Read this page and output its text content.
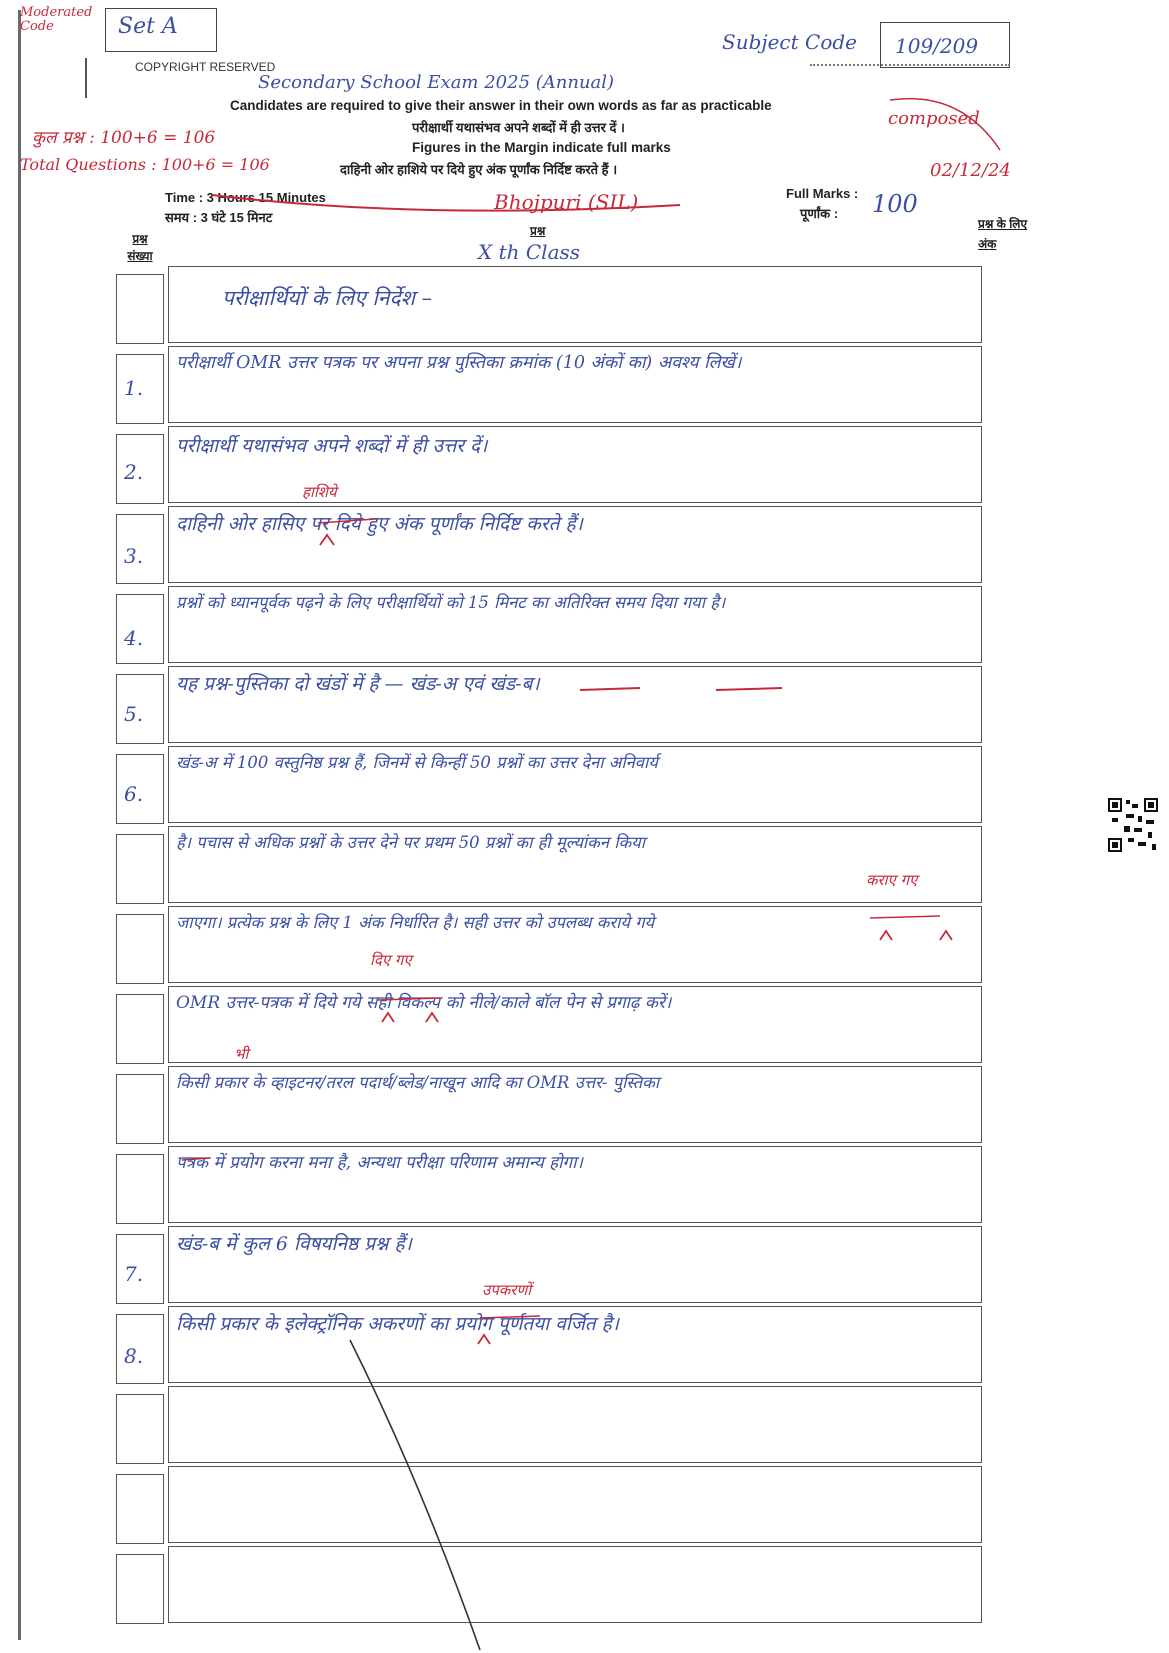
Moderated Code	Set A
COPYRIGHT RESERVED
Subject Code 109/209
Secondary School Exam 2025 (Annual)
Candidates are required to give their answer in their own words as far as practicable
परीक्षार्थी यथासंभव अपने शब्दों में ही उत्तर दें ।
Figures in the Margin indicate full marks
दाहिनी ओर हाशिये पर दिये हुए अंक पूर्णांक निर्दिष्ट करते हैं ।
कुल प्रश्न : 100+6 = 106
Total Questions : 100+6 = 106
composed
02/12/24
Time : 3 Hours 15 Minutes
समय : 3 घंटे 15 मिनट
Bhojpuri (SIL)	Full Marks :
पूर्णांक : 100
प्रश्न
X th Class
प्रश्न संख्या
प्रश्न के लिए अंक
परीक्षार्थियों के लिए निर्देश –
1.
परीक्षार्थी OMR उत्तर पत्रक पर अपना प्रश्न पुस्तिका क्रमांक (10 अंकों का) अवश्य लिखें।
2.
परीक्षार्थी यथासंभव अपने शब्दों में ही उत्तर दें।
3.
दाहिनी ओर हासिए पर दिये हुए अंक पूर्णांक निर्दिष्ट करते हैं।
हाशिये
4.
प्रश्नों को ध्यानपूर्वक पढ़ने के लिए परीक्षार्थियों को 15 मिनट का अतिरिक्त समय दिया गया है।
5.
यह प्रश्न-पुस्तिका दो खंडों में है — खंड-अ एवं खंड-ब।
6.
खंड-अ में 100 वस्तुनिष्ठ प्रश्न हैं, जिनमें से किन्हीं 50 प्रश्नों का उत्तर देना अनिवार्य
है। पचास से अधिक प्रश्नों के उत्तर देने पर प्रथम 50 प्रश्नों का ही मूल्यांकन किया
जाएगा। प्रत्येक प्रश्न के लिए 1 अंक निर्धारित है। सही उत्तर को उपलब्ध कराये गये
कराए गए
OMR उत्तर-पत्रक में दिये गये सही विकल्प को नीले/काले बॉल पेन से प्रगाढ़ करें।
दिए गए
किसी प्रकार के व्हाइटनर/तरल पदार्थ/ब्लेड/नाखून आदि का OMR उत्तर- पुस्तिका
भी
पत्रक में प्रयोग करना मना है, अन्यथा परीक्षा परिणाम अमान्य होगा।
7.
खंड-ब में कुल 6 विषयनिष्ठ प्रश्न हैं।
8.
किसी प्रकार के इलेक्ट्रॉनिक अकरणों का प्रयोग पूर्णतया वर्जित है।
उपकरणों
